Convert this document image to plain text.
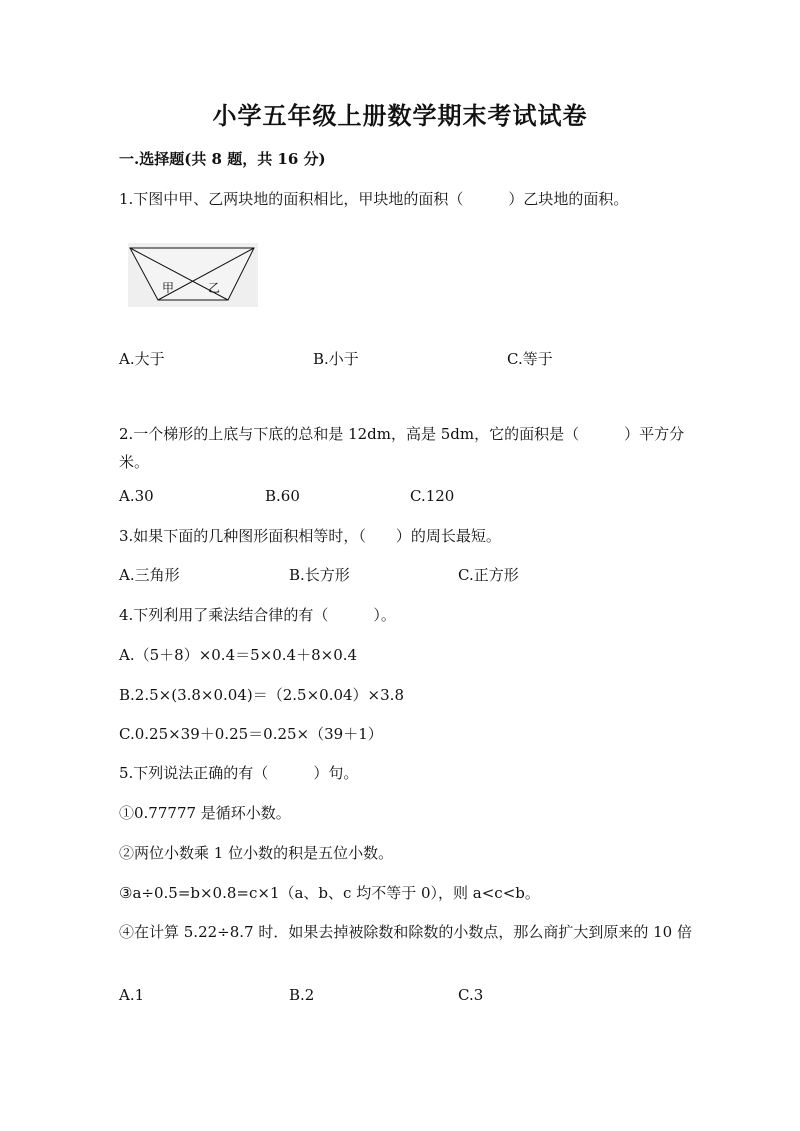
小学五年级上册数学期末考试试卷
一.选择题(共 8 题，共 16 分)
1.下图中甲、乙两块地的面积相比，甲块地的面积（　　　）乙块地的面积。
甲	乙
A.大于	B.小于	C.等于
2.一个梯形的上底与下底的总和是 12dm，高是 5dm，它的面积是（　　　）平方分米。
A.30	B.60	C.120
3.如果下面的几种图形面积相等时，（　　）的周长最短。
A.三角形	B.长方形	C.正方形
4.下列利用了乘法结合律的有（　　　）。
A.（5＋8）×0.4＝5×0.4＋8×0.4
B.2.5×(3.8×0.04)＝（2.5×0.04）×3.8
C.0.25×39＋0.25＝0.25×（39＋1）
5.下列说法正确的有（　　　）句。
①0.77777 是循环小数。
②两位小数乘 1 位小数的积是五位小数。
③a÷0.5=b×0.8=c×1（a、b、c 均不等于 0），则 a<c<b。
④在计算 5.22÷8.7 时．如果去掉被除数和除数的小数点，那么商扩大到原来的 10 倍
A.1	B.2	C.3
